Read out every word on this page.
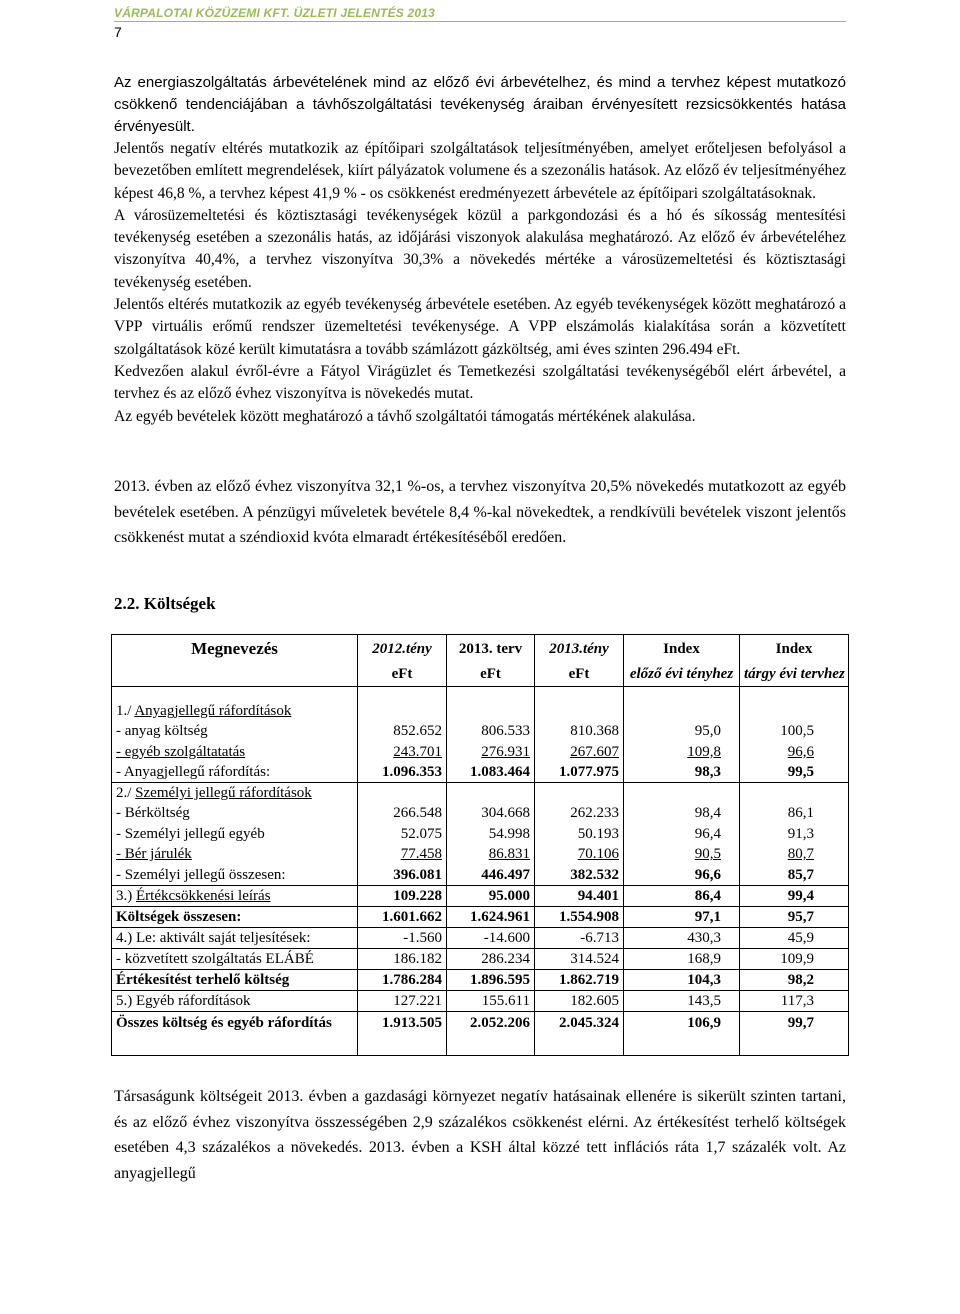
VÁRPALOTAI KÖZÜZEMI KFT. ÜZLETI JELENTÉS 2013
7
Az energiaszolgáltatás árbevételének mind az előző évi árbevételhez, és mind a tervhez képest mutatkozó csökkenő tendenciájában a távhőszolgáltatási tevékenység áraiban érvényesített rezsicsökkentés hatása érvényesült.

Jelentős negatív eltérés mutatkozik az építőipari szolgáltatások teljesítményében, amelyet erőteljesen befolyásol a bevezetőben említett megrendelések, kiírt pályázatok volumene és a szezonális hatások. Az előző év teljesítményéhez képest 46,8 %, a tervhez képest 41,9 % - os csökkenést eredményezett árbevétele az építőipari szolgáltatásoknak.

A városüzemeltetési és köztisztasági tevékenységek közül a parkgondozási és a hó és síkosság mentesítési tevékenység esetében a szezonális hatás, az időjárási viszonyok alakulása meghatározó. Az előző év árbevételéhez viszonyítva 40,4%, a tervhez viszonyítva 30,3% a növekedés mértéke a városüzemeltetési és köztisztasági tevékenység esetében.

Jelentős eltérés mutatkozik az egyéb tevékenység árbevétele esetében. Az egyéb tevékenységek között meghatározó a VPP virtuális erőmű rendszer üzemeltetési tevékenysége. A VPP elszámolás kialakítása során a közvetített szolgáltatások közé került kimutatásra a tovább számlázott gázköltség, ami éves szinten 296.494 eFt.

Kedvezően alakul évről-évre a Fátyol Virágüzlet és Temetkezési szolgáltatási tevékenységéből elért árbevétel, a tervhez és az előző évhez viszonyítva is növekedés mutat.

Az egyéb bevételek között meghatározó a távhő szolgáltatói támogatás mértékének alakulása.

2013. évben az előző évhez viszonyítva 32,1 %-os, a tervhez viszonyítva 20,5% növekedés mutatkozott az egyéb bevételek esetében. A pénzügyi műveletek bevétele 8,4 %-kal növekedtek, a rendkívüli bevételek viszont jelentős csökkenést mutat a széndioxid kvóta elmaradt értékesítéséből eredően.
2.2. Költségek
Megnevezés	2012.tény	2013. terv	2013.tény	Index	Index
	eFt	eFt	eFt	előző évi tényhez	tárgy évi tervhez

1./ Anyagjellegű ráfordítások					
- anyag költség	852.652	806.533	810.368	95,0	100,5
- egyéb szolgáltatatás	243.701	276.931	267.607	109,8	96,6
- Anyagjellegű ráfordítás:	1.096.353	1.083.464	1.077.975	98,3	99,5
2./ Személyi jellegű ráfordítások					
- Bérköltség	266.548	304.668	262.233	98,4	86,1
- Személyi jellegű egyéb	52.075	54.998	50.193	96,4	91,3
- Bér járulék	77.458	86.831	70.106	90,5	80,7
- Személyi jellegű összesen:	396.081	446.497	382.532	96,6	85,7
3.) Értékcsökkenési leírás	109.228	95.000	94.401	86,4	99,4
Költségek összesen:	1.601.662	1.624.961	1.554.908	97,1	95,7
4.) Le: aktivált saját teljesítések:	-1.560	-14.600	-6.713	430,3	45,9
- közvetített szolgáltatás ELÁBÉ	186.182	286.234	314.524	168,9	109,9
Értékesítést terhelő költség	1.786.284	1.896.595	1.862.719	104,3	98,2
5.) Egyéb ráfordítások	127.221	155.611	182.605	143,5	117,3
Összes költség és egyéb ráfordítás	1.913.505	2.052.206	2.045.324	106,9	99,7
Társaságunk költségeit 2013. évben a gazdasági környezet negatív hatásainak ellenére is sikerült szinten tartani, és az előző évhez viszonyítva összességében 2,9 százalékos csökkenést elérni. Az értékesítést terhelő költségek esetében 4,3 százalékos a növekedés. 2013. évben a KSH által közzé tett inflációs ráta 1,7 százalék volt. Az anyagjellegű
